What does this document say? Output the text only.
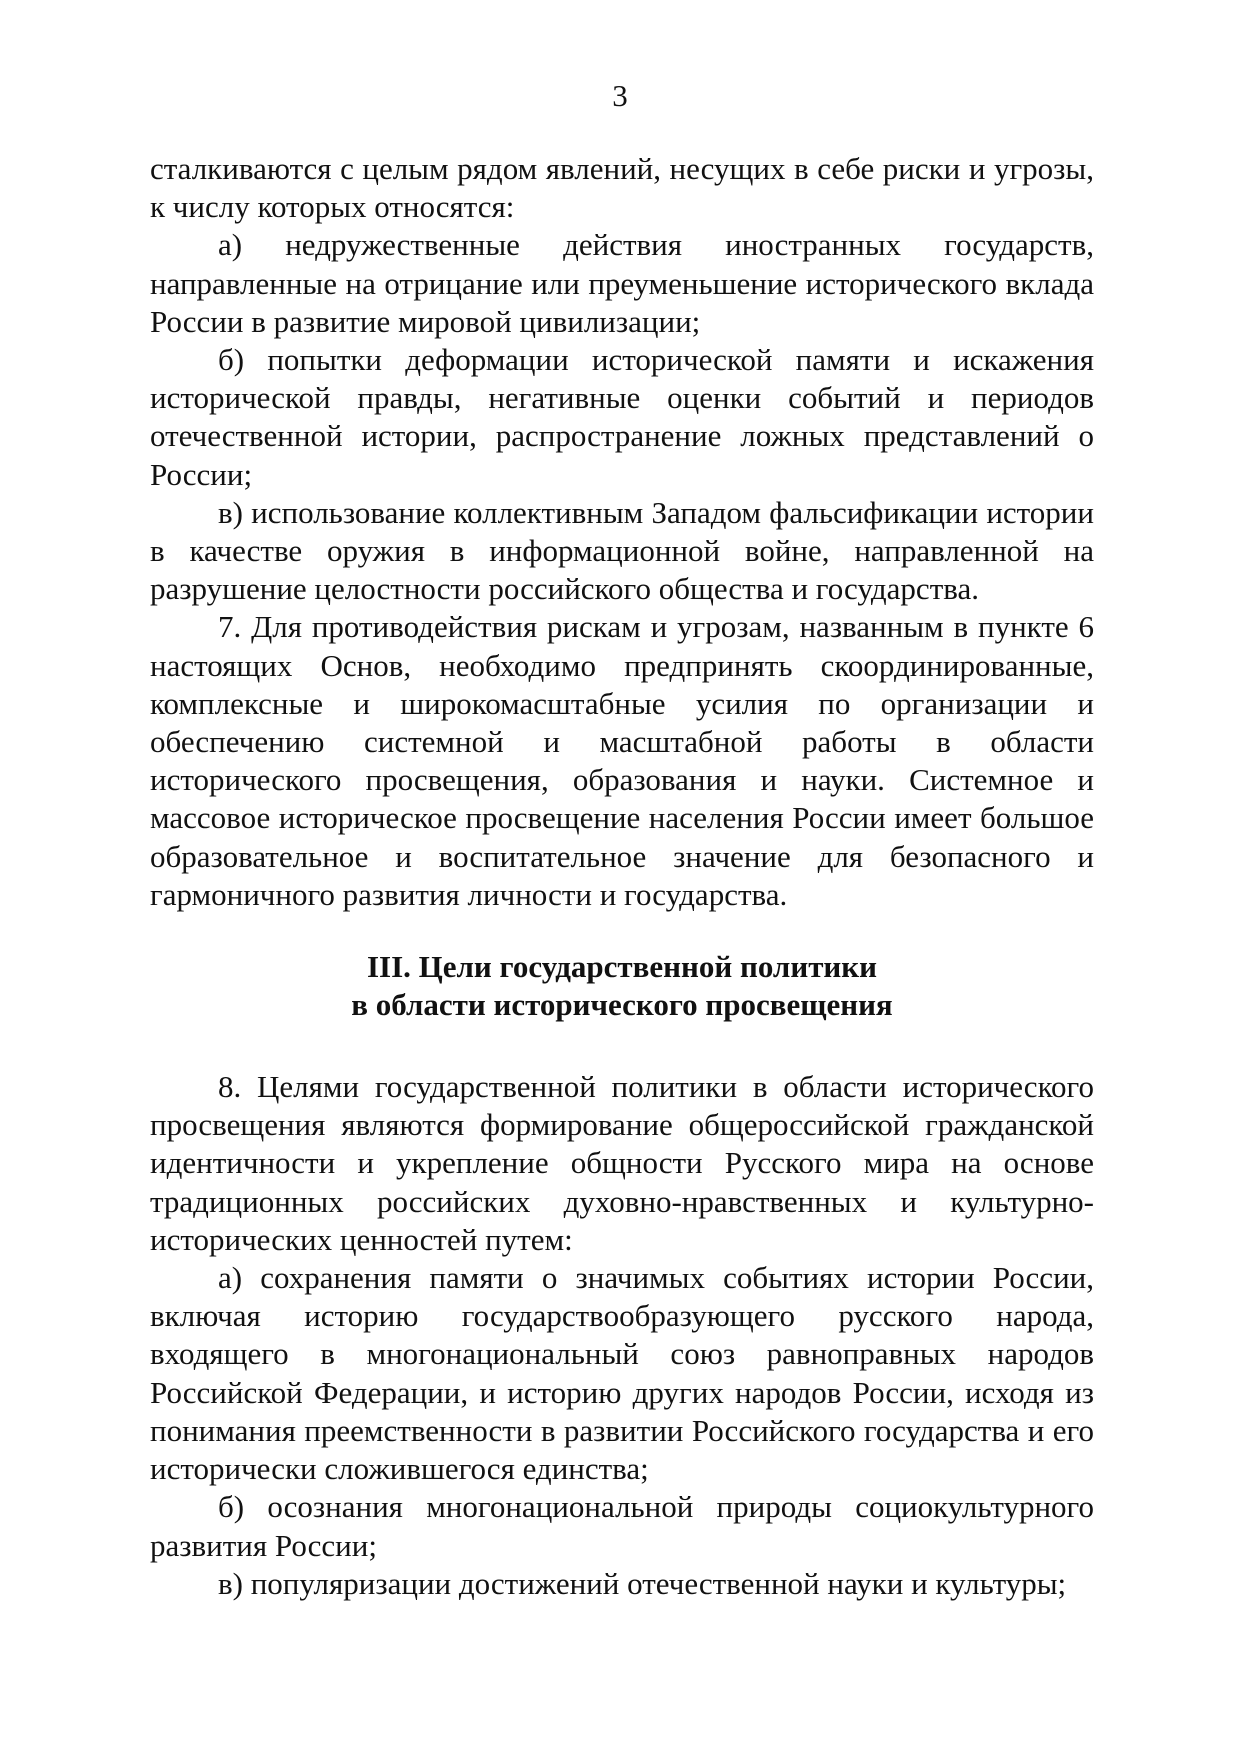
3

сталкиваются с целым рядом явлений, несущих в себе риски и угрозы, к числу которых относятся:

а) недружественные действия иностранных государств, направленные на отрицание или преуменьшение исторического вклада России в развитие мировой цивилизации;

б) попытки деформации исторической памяти и искажения исторической правды, негативные оценки событий и периодов отечественной истории, распространение ложных представлений о России;

в) использование коллективным Западом фальсификации истории в качестве оружия в информационной войне, направленной на разрушение целостности российского общества и государства.

7. Для противодействия рискам и угрозам, названным в пункте 6 настоящих Основ, необходимо предпринять скоординированные, комплексные и широкомасштабные усилия по организации и обеспечению системной и масштабной работы в области исторического просвещения, образования и науки. Системное и массовое историческое просвещение населения России имеет большое образовательное и воспитательное значение для безопасного и гармоничного развития личности и государства.

III. Цели государственной политики
в области исторического просвещения

8. Целями государственной политики в области исторического просвещения являются формирование общероссийской гражданской идентичности и укрепление общности Русского мира на основе традиционных российских духовно-нравственных и культурно-исторических ценностей путем:

а) сохранения памяти о значимых событиях истории России, включая историю государствообразующего русского народа, входящего в многонациональный союз равноправных народов Российской Федерации, и историю других народов России, исходя из понимания преемственности в развитии Российского государства и его исторически сложившегося единства;

б) осознания многонациональной природы социокультурного развития России;

в) популяризации достижений отечественной науки и культуры;
